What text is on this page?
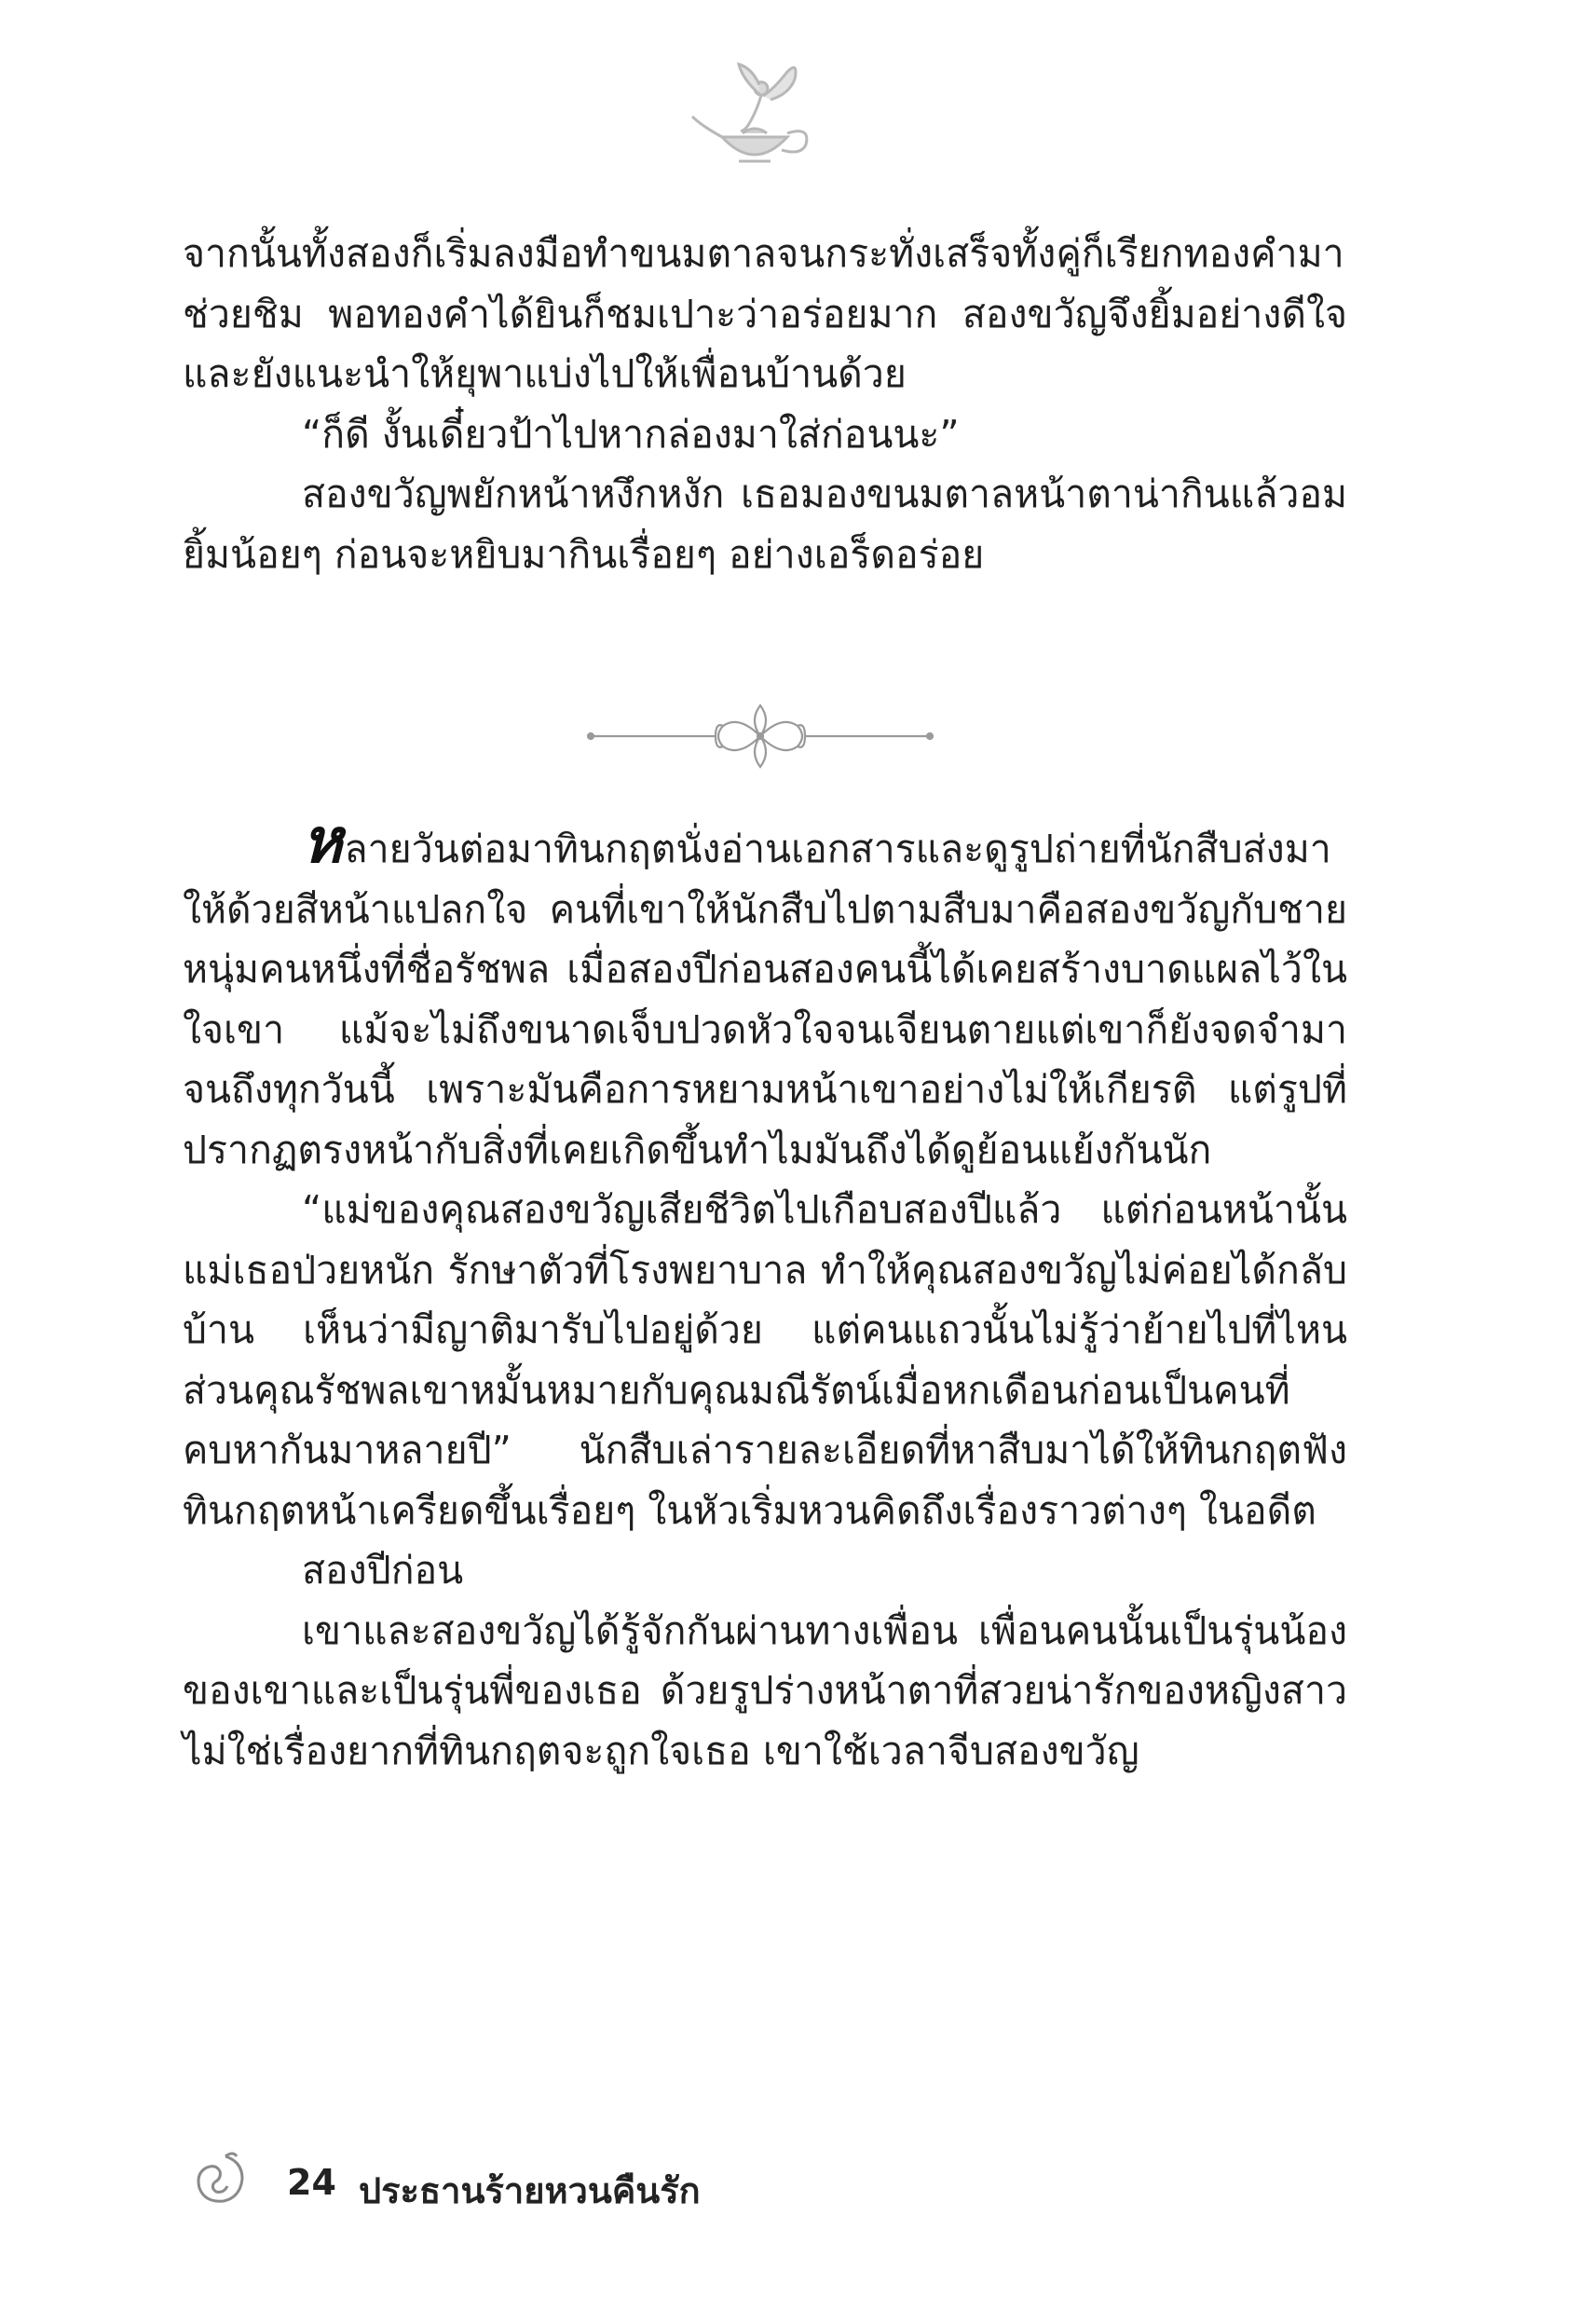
จากนั้นทั้งสองก็เริ่มลงมือทำขนมตาลจนกระทั่งเสร็จทั้งคู่ก็เรียกทองคำมาช่วยชิม พอทองคำได้ยินก็ชมเปาะว่าอร่อยมาก สองขวัญจึงยิ้มอย่างดีใจและยังแนะนำให้ยุพาแบ่งไปให้เพื่อนบ้านด้วย

“ก็ดี งั้นเดี๋ยวป้าไปหากล่องมาใส่ก่อนนะ”

สองขวัญพยักหน้าหงึกหงัก เธอมองขนมตาลหน้าตาน่ากินแล้วอมยิ้มน้อยๆ ก่อนจะหยิบมากินเรื่อยๆ อย่างเอร็ดอร่อย

หลายวันต่อมาทินกฤตนั่งอ่านเอกสารและดูรูปถ่ายที่นักสืบส่งมาให้ด้วยสีหน้าแปลกใจ คนที่เขาให้นักสืบไปตามสืบมาคือสองขวัญกับชายหนุ่มคนหนึ่งที่ชื่อรัชพล เมื่อสองปีก่อนสองคนนี้ได้เคยสร้างบาดแผลไว้ในใจเขา แม้จะไม่ถึงขนาดเจ็บปวดหัวใจจนเจียนตายแต่เขาก็ยังจดจำมาจนถึงทุกวันนี้ เพราะมันคือการหยามหน้าเขาอย่างไม่ให้เกียรติ แต่รูปที่ปรากฏตรงหน้ากับสิ่งที่เคยเกิดขึ้นทำไมมันถึงได้ดูย้อนแย้งกันนัก

“แม่ของคุณสองขวัญเสียชีวิตไปเกือบสองปีแล้ว แต่ก่อนหน้านั้นแม่เธอป่วยหนัก รักษาตัวที่โรงพยาบาล ทำให้คุณสองขวัญไม่ค่อยได้กลับบ้าน เห็นว่ามีญาติมารับไปอยู่ด้วย แต่คนแถวนั้นไม่รู้ว่าย้ายไปที่ไหน ส่วนคุณรัชพลเขาหมั้นหมายกับคุณมณีรัตน์เมื่อหกเดือนก่อนเป็นคนที่คบหากันมาหลายปี” นักสืบเล่ารายละเอียดที่หาสืบมาได้ให้ทินกฤตฟัง ทินกฤตหน้าเครียดขึ้นเรื่อยๆ ในหัวเริ่มหวนคิดถึงเรื่องราวต่างๆ ในอดีต

สองปีก่อน

เขาและสองขวัญได้รู้จักกันผ่านทางเพื่อน เพื่อนคนนั้นเป็นรุ่นน้องของเขาและเป็นรุ่นพี่ของเธอ ด้วยรูปร่างหน้าตาที่สวยน่ารักของหญิงสาวไม่ใช่เรื่องยากที่ทินกฤตจะถูกใจเธอ เขาใช้เวลาจีบสองขวัญ

24 ประธานร้ายหวนคืนรัก
